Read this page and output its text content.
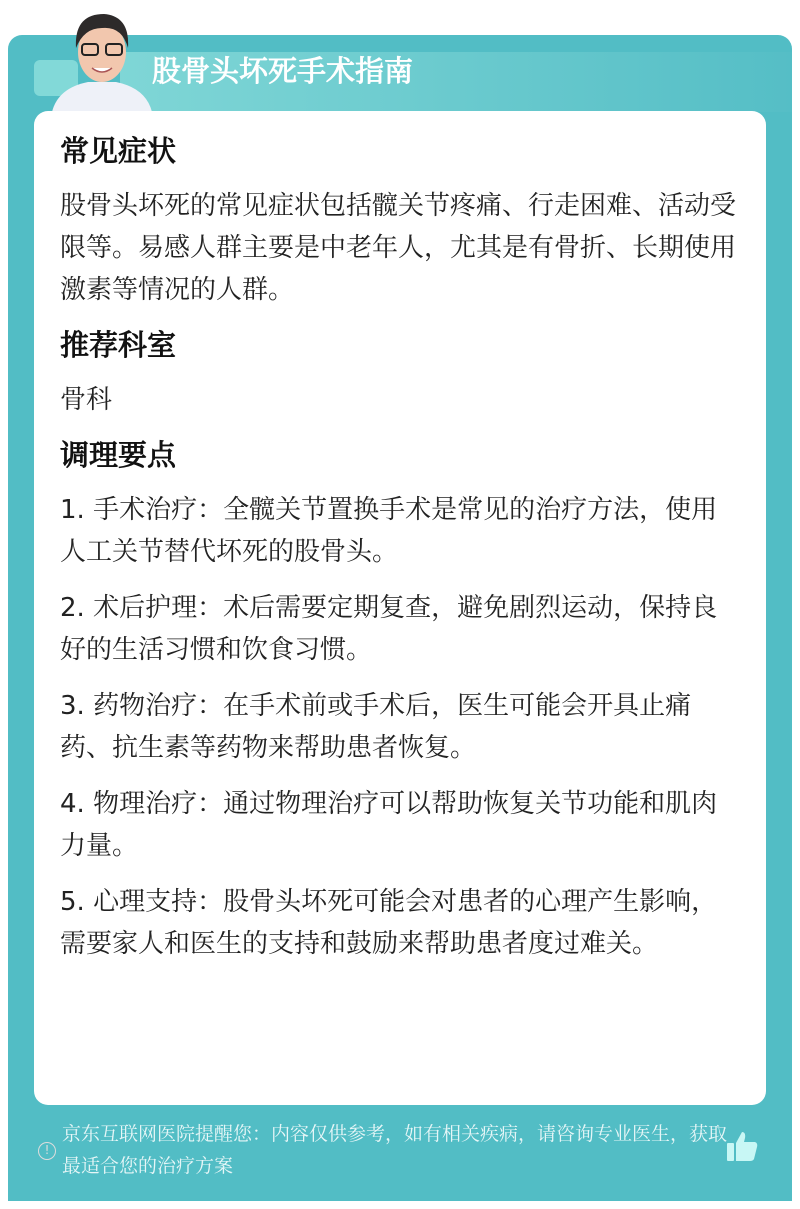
股骨头坏死手术指南
常见症状

股骨头坏死的常见症状包括髋关节疼痛、行走困难、活动受限等。易感人群主要是中老年人，尤其是有骨折、长期使用激素等情况的人群。

推荐科室

骨科

调理要点

1. 手术治疗：全髋关节置换手术是常见的治疗方法，使用人工关节替代坏死的股骨头。

2. 术后护理：术后需要定期复查，避免剧烈运动，保持良好的生活习惯和饮食习惯。

3. 药物治疗：在手术前或手术后，医生可能会开具止痛药、抗生素等药物来帮助患者恢复。

4. 物理治疗：通过物理治疗可以帮助恢复关节功能和肌肉力量。

5. 心理支持：股骨头坏死可能会对患者的心理产生影响，需要家人和医生的支持和鼓励来帮助患者度过难关。

!
京东互联网医院提醒您：内容仅供参考，如有相关疾病，请咨询专业医生，获取最适合您的治疗方案
